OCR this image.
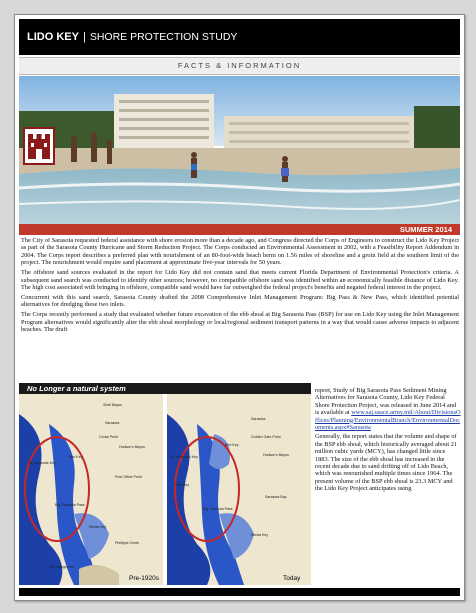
LIDO KEY | SHORE PROTECTION STUDY
FACTS & INFORMATION
SUMMER 2014

The City of Sarasota requested federal assistance with shore erosion more than a decade ago, and Congress directed the Corps of Engineers to construct the Lido Key Project as part of the Sarasota County Hurricane and Storm Reduction Project. The Corps conducted an Environmental Assessment in 2002, with a Feasibility Report Addendum in 2004. The Corps report describes a preferred plan with nourishment of an 80-foot-wide beach berm on 1.56 miles of shoreline and a groin field at the southern limit of the project. The nourishment would require sand placement at approximate five-year intervals for 50 years.

The offshore sand sources evaluated in the report for Lido Key did not contain sand that meets current Florida Department of Environmental Protection's criteria. A subsequent sand search was conducted to identify other sources; however, no compatible offshore sand was identified within an economically feasible distance of Lido Key. The high cost associated with bringing in offshore, compatible sand would have far outweighed the federal project's benefits and negated federal interest in the project.

Concurrent with this sand search, Sarasota County drafted the 2008 Comprehensive Inlet Management Program: Big Pass & New Pass, which identified potential alternatives for dredging these two inlets.

The Corps recently performed a study that evaluated whether future excavation of the ebb shoal at Big Sarasota Pass (BSP) for use on Lido Key using the Inlet Management Program alternatives would significantly alter the ebb shoal morphology or local/regional sediment transport patterns in a way that would cause adverse impacts to adjacent beaches. The draft

No Longer a natural system
Shell Bayou
Sarasota
Cedar Point
Hudson's Bayou
Post Office Point
Big Sarasota Pass
Siesta Key
Phillippe Creek
The Mangroves
Bird Key
St. Armands Key
Sarasota
Bird Key
Golden Gate Point
Hudson's Bayou
St. Armands Key
Lido Key
Big Sarasota Pass
Siesta Key
Sarasota Bay
Pre-1920s	Today

report, Study of Big Sarasota Pass Sediment Mining Alternatives for Sarasota County, Lido Key Federal Shore Protection Project, was released in June 2014 and is available at www.saj.usace.army.mil/About/DivisionsOffices/Planning/EnvironmentalBranch/EnvironmentalDocuments.aspx#Sarasota

Generally, the report states that the volume and shape of the BSP ebb shoal, which historically averaged about 21 million cubic yards (MCY), has changed little since 1883. The size of the ebb shoal has increased in the recent decade due to sand drifting off of Lido Beach, which was renourished multiple times since 1964. The present volume of the BSP ebb shoal is 23.3 MCY and the Lido Key Project anticipates using
